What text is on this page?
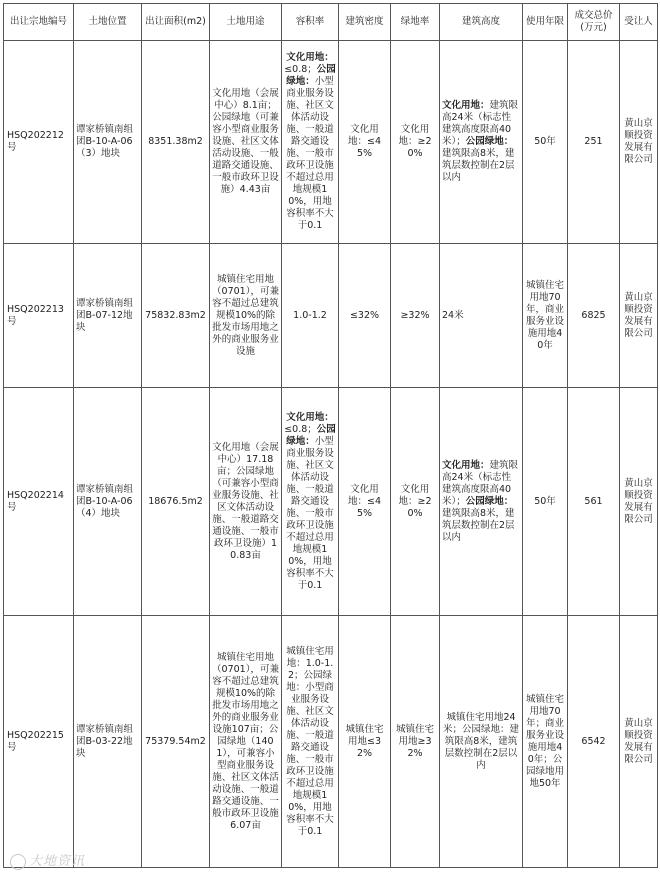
出让宗地编号	土地位置	出让面积(m2)	土地用途	容积率	建筑密度	绿地率	建筑高度	使用年限	成交总价(万元)	受让人
HSQ202212号	谭家桥镇南组团B-10-A-06（3）地块	8351.38m2	文化用地（会展中心）8.1亩；公园绿地（可兼容小型商业服务设施、社区文体活动设施、一般道路交通设施、一般市政环卫设施）4.43亩	文化用地：≤0.8；公园绿地：小型商业服务设施、社区文体活动设施、一般道路交通设施、一般市政环卫设施不超过总用地规模10%，用地容积率不大于0.1	文化用地：≤45%	文化用地：≥20%	文化用地：建筑限高24米（标志性建筑高度限高40米）；公园绿地：建筑限高8米，建筑层数控制在2层以内	50年	251	黄山京顺投资发展有限公司
HSQ202213号	谭家桥镇南组团B-07-12地块	75832.83m2	城镇住宅用地（0701），可兼容不超过总建筑规模10%的除批发市场用地之外的商业服务业设施	1.0-1.2	≤32%	≥32%	24米	城镇住宅用地70年，商业服务业设施用地40年	6825	黄山京顺投资发展有限公司
HSQ202214号	谭家桥镇南组团B-10-A-06（4）地块	18676.5m2	文化用地（会展中心）17.18亩；公园绿地（可兼容小型商业服务设施、社区文体活动设施、一般道路交通设施、一般市政环卫设施）10.83亩	文化用地：≤0.8；公园绿地：小型商业服务设施、社区文体活动设施、一般道路交通设施、一般市政环卫设施不超过总用地规模10%，用地容积率不大于0.1	文化用地：≤45%	文化用地：≥20%	文化用地：建筑限高24米（标志性建筑高度限高40米）；公园绿地：建筑限高8米，建筑层数控制在2层以内	50年	561	黄山京顺投资发展有限公司
HSQ202215号	谭家桥镇南组团B-03-22地块	75379.54m2	城镇住宅用地（0701），可兼容不超过总建筑规模10%的除批发市场用地之外的商业服务业设施107亩；公园绿地（1401），可兼容小型商业服务设施、社区文体活动设施、一般道路交通设施、一般市政环卫设施6.07亩	城镇住宅用地：1.0-1.2；公园绿地：小型商业服务设施、社区文体活动设施、一般道路交通设施、一般市政环卫设施不超过总用地规模10%，用地容积率不大于0.1	城镇住宅用地≤32%	城镇住宅用地≥32%	城镇住宅用地24米；公园绿地：建筑限高8米，建筑层数控制在2层以内	城镇住宅用地70年；商业服务业设施用地40年；公园绿地用地50年	6542	黄山京顺投资发展有限公司
大地资讯
